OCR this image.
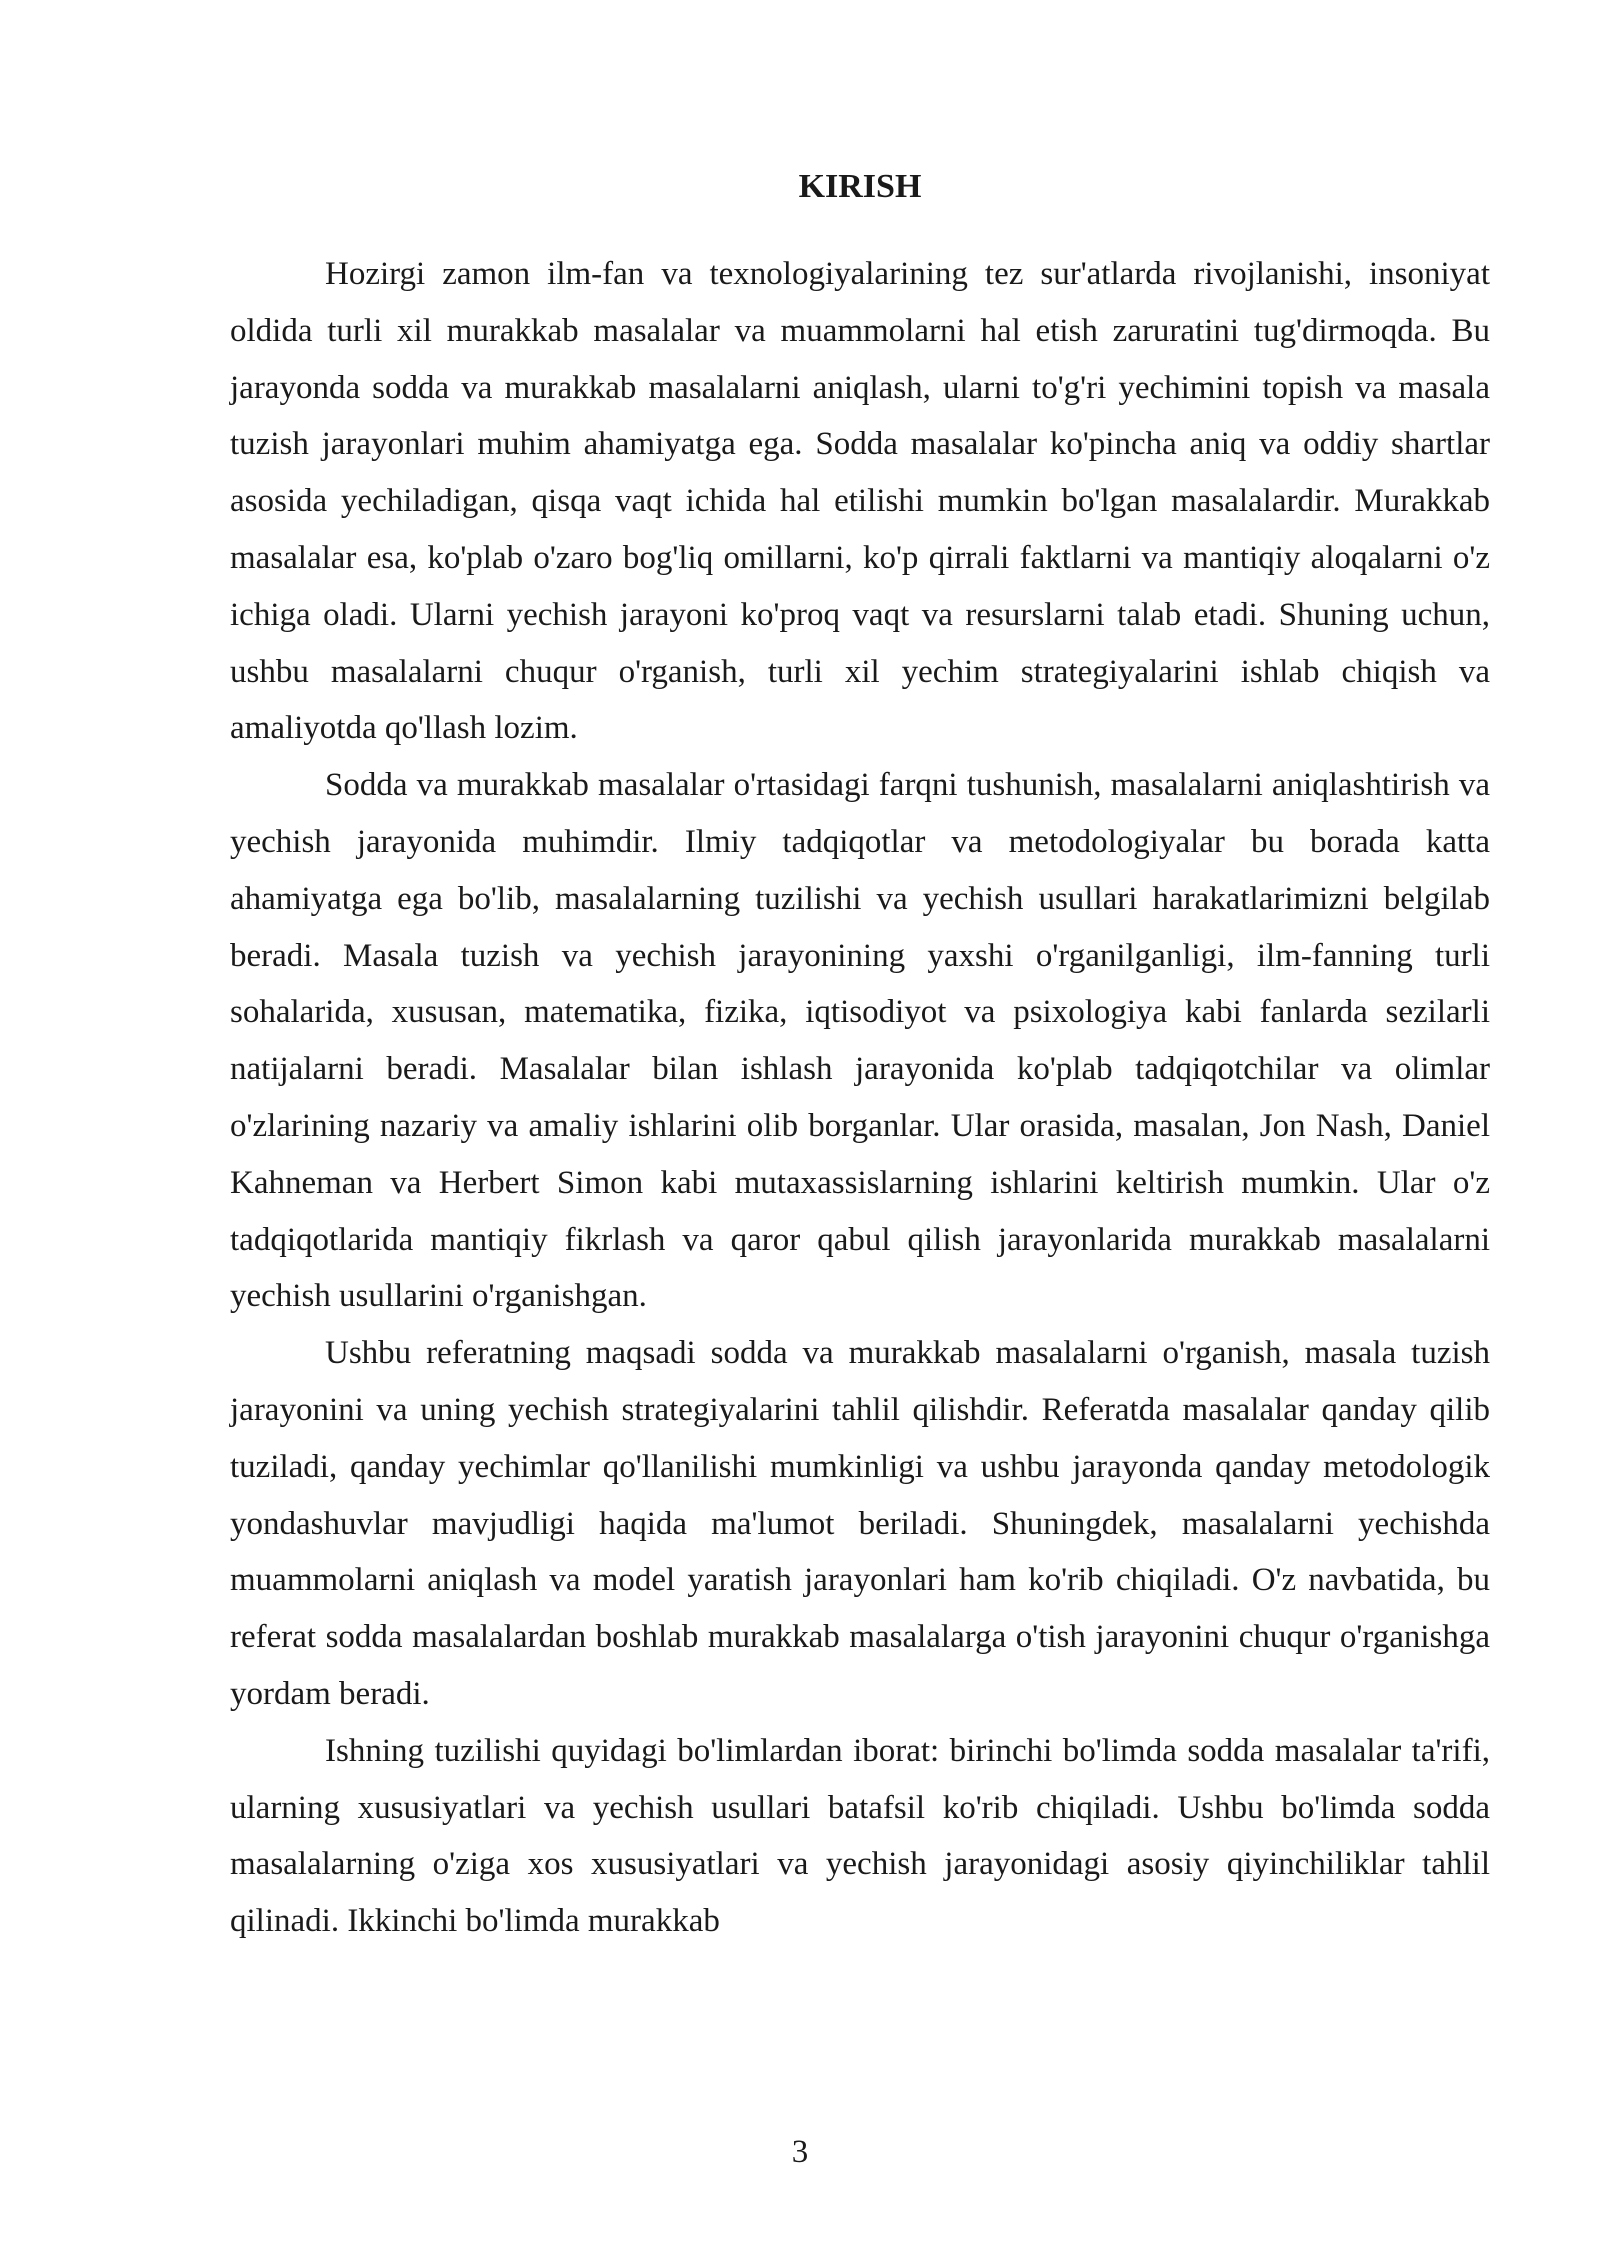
KIRISH

Hozirgi zamon ilm-fan va texnologiyalarining tez sur'atlarda rivojlanishi, insoniyat oldida turli xil murakkab masalalar va muammolarni hal etish zaruratini tug'dirmoqda. Bu jarayonda sodda va murakkab masalalarni aniqlash, ularni to'g'ri yechimini topish va masala tuzish jarayonlari muhim ahamiyatga ega. Sodda masalalar ko'pincha aniq va oddiy shartlar asosida yechiladigan, qisqa vaqt ichida hal etilishi mumkin bo'lgan masalalardir. Murakkab masalalar esa, ko'plab o'zaro bog'liq omillarni, ko'p qirrali faktlarni va mantiqiy aloqalarni o'z ichiga oladi. Ularni yechish jarayoni ko'proq vaqt va resurslarni talab etadi. Shuning uchun, ushbu masalalarni chuqur o'rganish, turli xil yechim strategiyalarini ishlab chiqish va amaliyotda qo'llash lozim.

Sodda va murakkab masalalar o'rtasidagi farqni tushunish, masalalarni aniqlashtirish va yechish jarayonida muhimdir. Ilmiy tadqiqotlar va metodologiyalar bu borada katta ahamiyatga ega bo'lib, masalalarning tuzilishi va yechish usullari harakatlarimizni belgilab beradi. Masala tuzish va yechish jarayonining yaxshi o'rganilganligi, ilm-fanning turli sohalarida, xususan, matematika, fizika, iqtisodiyot va psixologiya kabi fanlarda sezilarli natijalarni beradi. Masalalar bilan ishlash jarayonida ko'plab tadqiqotchilar va olimlar o'zlarining nazariy va amaliy ishlarini olib borganlar. Ular orasida, masalan, Jon Nash, Daniel Kahneman va Herbert Simon kabi mutaxassislarning ishlarini keltirish mumkin. Ular o'z tadqiqotlarida mantiqiy fikrlash va qaror qabul qilish jarayonlarida murakkab masalalarni yechish usullarini o'rganishgan.

Ushbu referatning maqsadi sodda va murakkab masalalarni o'rganish, masala tuzish jarayonini va uning yechish strategiyalarini tahlil qilishdir. Referatda masalalar qanday qilib tuziladi, qanday yechimlar qo'llanilishi mumkinligi va ushbu jarayonda qanday metodologik yondashuvlar mavjudligi haqida ma'lumot beriladi. Shuningdek, masalalarni yechishda muammolarni aniqlash va model yaratish jarayonlari ham ko'rib chiqiladi. O'z navbatida, bu referat sodda masalalardan boshlab murakkab masalalarga o'tish jarayonini chuqur o'rganishga yordam beradi.

Ishning tuzilishi quyidagi bo'limlardan iborat: birinchi bo'limda sodda masalalar ta'rifi, ularning xususiyatlari va yechish usullari batafsil ko'rib chiqiladi. Ushbu bo'limda sodda masalalarning o'ziga xos xususiyatlari va yechish jarayonidagi asosiy qiyinchiliklar tahlil qilinadi. Ikkinchi bo'limda murakkab

3
